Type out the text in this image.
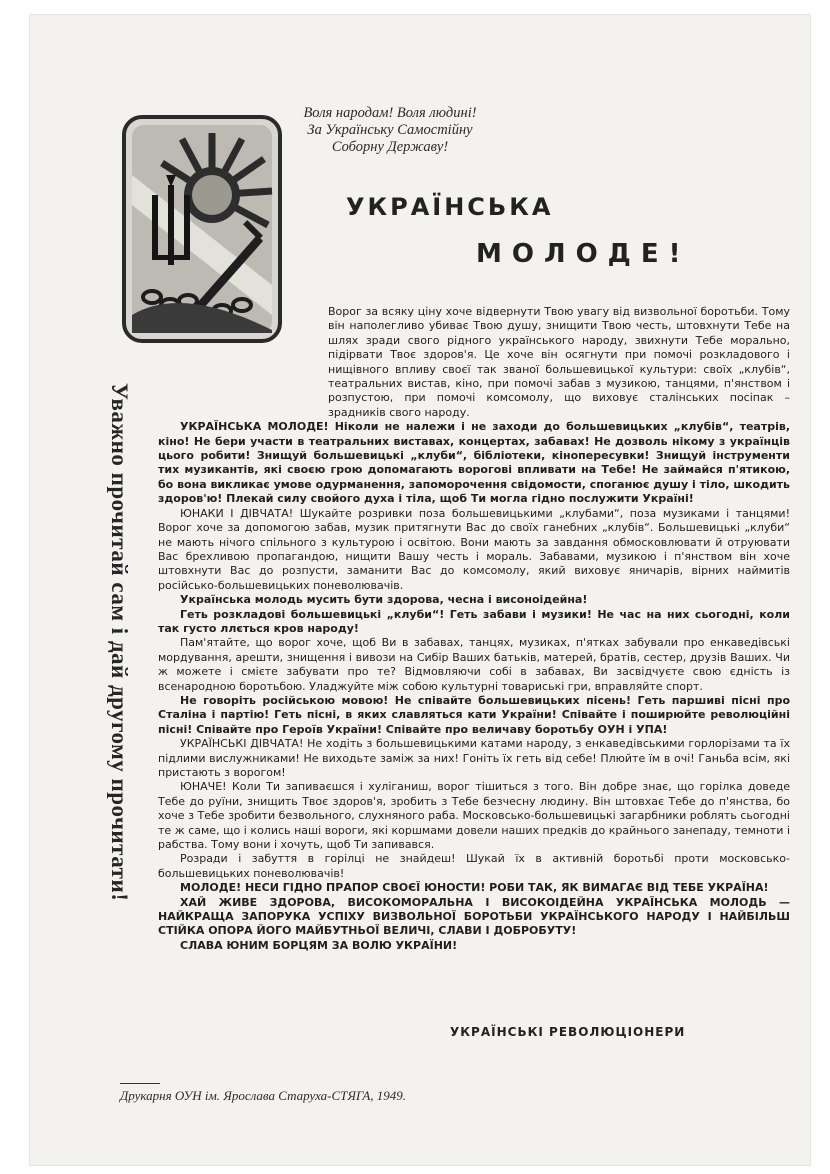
Воля народам! Воля людині!
За Українську Самостійну
Соборну Державу!
УКРАЇНСЬКА
МОЛОДЕ!
Уважно прочитай сам і дай другому прочитати!

Ворог за всяку ціну хоче відвернути Твою увагу від визвольної боротьби. Тому він наполегливо убиває Твою душу, знищити Твою честь, штовхнути Тебе на шлях зради свого рідного українського народу, звихнути Тебе морально, підірвати Твоє здоров'я. Це хоче він осягнути при помочі розкладового і нищівного впливу своєї так званої большевицької культури: своїх „клубів“, театральних вистав, кіно, при помочі забав з музикою, танцями, п'янством і розпустою, при помочі комсомолу, що виховує сталінських посіпак – зрадників свого народу.

УКРАЇНСЬКА МОЛОДЕ! Ніколи не належи і не заходи до большевицьких „клубів“, театрів, кіно! Не бери участи в театральних виставах, концертах, забавах! Не дозволь нікому з українців цього робити! Знищуй большевицькі „клуби“, бібліотеки, кінопересувки! Знищуй інструменти тих музикантів, які своєю грою допомагають ворогові впливати на Тебе! Не займайся п'ятикою, бо вона викликає умове одурманення, запоморочення свідомости, споганює душу і тіло, шкодить здоров'ю! Плекай силу свойого духа і тіла, щоб Ти могла гідно послужити Україні!

ЮНАКИ І ДІВЧАТА! Шукайте розривки поза большевицькими „клубами“, поза музиками і танцями! Ворог хоче за допомогою забав, музик притягнути Вас до своїх ганебних „клубів“. Большевицькі „клуби“ не мають нічого спільного з культурою і освітою. Вони мають за завдання обмосковлювати й отруювати Вас брехливою пропагандою, нищити Вашу честь і мораль. Забавами, музикою і п'янством він хоче штовхнути Вас до розпусти, заманити Вас до комсомолу, який виховує яничарів, вірних наймитів російсько-большевицьких поневолювачів.

Українська молодь мусить бути здорова, чесна і висоноідейна!

Геть розкладові большевицькі „клуби“! Геть забави і музики! Не час на них сьогодні, коли так густо ллється кров народу!

Пам'ятайте, що ворог хоче, щоб Ви в забавах, танцях, музиках, п'ятках забували про енкаведівські мордування, арешти, знищення і вивози на Сибір Ваших батьків, матерей, братів, сестер, друзів Ваших. Чи ж можете і смієте забувати про те? Відмовляючи собі в забавах, Ви засвідчуєте свою єдність із всенародною боротьбою. Уладжуйте між собою культурні товариські гри, вправляйте спорт.

Не говоріть російською мовою! Не співайте большевицьких пісень! Геть паршиві пісні про Сталіна і партію! Геть пісні, в яких славляться кати України! Співайте і поширюйте революційні пісні! Співайте про Героїв України! Співайте про величаву боротьбу ОУН і УПА!

УКРАЇНСЬКІ ДІВЧАТА! Не ходіть з большевицькими катами народу, з енкаведівськими горлорізами та їх підлими вислужниками! Не виходьте заміж за них! Гоніть їх геть від себе! Плюйте їм в очі! Ганьба всім, які пристають з ворогом!

ЮНАЧЕ! Коли Ти запиваєшся і хуліганиш, ворог тішиться з того. Він добре знає, що горілка доведе Тебе до руїни, знищить Твоє здоров'я, зробить з Тебе безчесну людину. Він штовхає Тебе до п'янства, бо хоче з Тебе зробити безвольного, слухняного раба. Московсько-большевицькі загарбники роблять сьогодні те ж саме, що і колись наші вороги, які коршмами довели наших предків до крайнього занепаду, темноти і рабства. Тому вони і хочуть, щоб Ти запивався.

Розради і забуття в горілці не знайдеш! Шукай їх в активній боротьбі проти московсько-большевицьких поневолювачів!

МОЛОДЕ! НЕСИ ГІДНО ПРАПОР СВОЄЇ ЮНОСТИ! РОБИ ТАК, ЯК ВИМАГАЄ ВІД ТЕБЕ УКРАЇНА!

ХАЙ ЖИВЕ ЗДОРОВА, ВИСОКОМОРАЛЬНА І ВИСОКОІДЕЙНА УКРАЇНСЬКА МОЛОДЬ — НАЙКРАЩА ЗАПОРУКА УСПІХУ ВИЗВОЛЬНОЇ БОРОТЬБИ УКРАЇНСЬКОГО НАРОДУ І НАЙБІЛЬШ СТІЙКА ОПОРА ЙОГО МАЙБУТНЬОЇ ВЕЛИЧІ, СЛАВИ І ДОБРОБУТУ!

СЛАВА ЮНИМ БОРЦЯМ ЗА ВОЛЮ УКРАЇНИ!

УКРАЇНСЬКІ РЕВОЛЮЦІОНЕРИ
Друкарня ОУН ім. Ярослава Старуха-СТЯГА, 1949.
